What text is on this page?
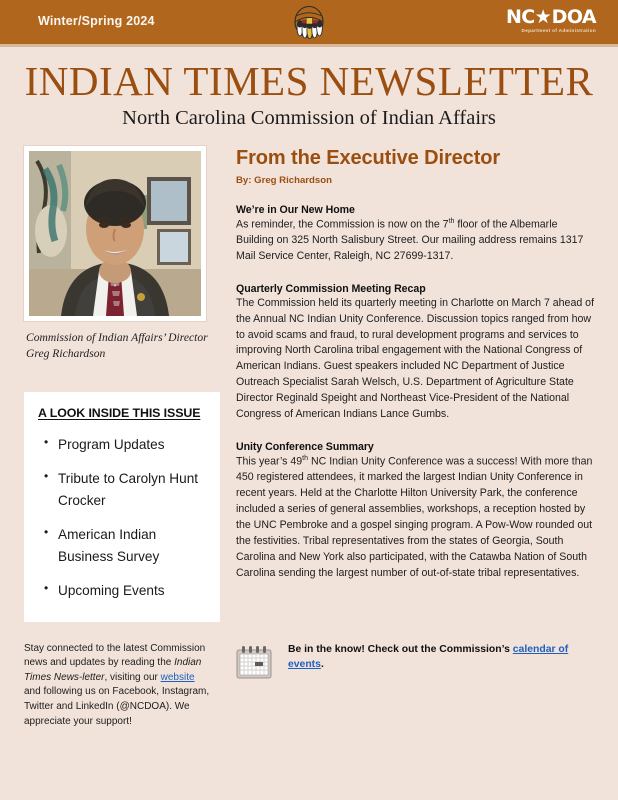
Winter/Spring 2024	NC★DOA
Department of Administration
INDIAN TIMES NEWSLETTER
North Carolina Commission of Indian Affairs
Commission of Indian Affairs’ Director
Greg Richardson
A LOOK INSIDE THIS ISSUE
• Program Updates
• Tribute to Carolyn Hunt Crocker
• American Indian Business Survey
• Upcoming Events
From the Executive Director
By: Greg Richardson
We’re in Our New Home

As reminder, the Commission is now on the 7th floor of the Albemarle Building on 325 North Salisbury Street. Our mailing address remains 1317 Mail Service Center, Raleigh, NC 27699-1317.

Quarterly Commission Meeting Recap

The Commission held its quarterly meeting in Charlotte on March 7 ahead of the Annual NC Indian Unity Conference. Discussion topics ranged from how to avoid scams and fraud, to rural development programs and services to improving North Carolina tribal engagement with the National Congress of American Indians. Guest speakers included NC Department of Justice Outreach Specialist Sarah Welsch, U.S. Department of Agriculture State Director Reginald Speight and Northeast Vice-President of the National Congress of American Indians Lance Gumbs.

Unity Conference Summary

This year’s 49th NC Indian Unity Conference was a success! With more than 450 registered attendees, it marked the largest Indian Unity Conference in recent years. Held at the Charlotte Hilton University Park, the conference included a series of general assemblies, workshops, a reception hosted by the UNC Pembroke and a gospel singing program. A Pow-Wow rounded out the festivities. Tribal representatives from the states of Georgia, South Carolina and New York also participated, with the Catawba Nation of South Carolina sending the largest number of out-of-state tribal representatives.

Stay connected to the latest Commission news and updates by reading the Indian Times News-letter, visiting our website and following us on Facebook, Instagram, Twitter and LinkedIn (@NCDOA). We appreciate your support!

Be in the know! Check out the Commission’s calendar of events.
